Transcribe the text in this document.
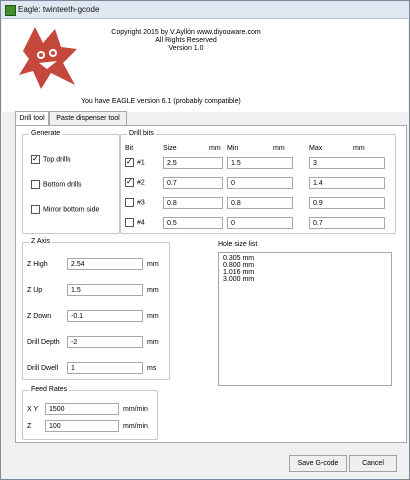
Eagle: twinteeth-gcode
Copyright 2015 by V.Ayllón www.diyouware.com
All Rights Reserved
Version 1.0
You have EAGLE version 6.1 (probably compatible)
Drill tool	Paste dispenser tool
Generate
✓Top drills
Bottom drills
Mirror bottom side
Drill bits
Bit	Size	mm Min	mm	Max	mm
✓#1	2.5	1.5	3
✓#2	0.7	0	1.4
#3	0.8	0.8	0.9
#4	0.5	0	0.7
Z Axis
Z High	2.54	mm
Z Up	1.5	mm
Z Down	-0.1	mm
Drill Depth	-2	mm
Drill Dwell	1	ms
Hole size list
0.305 mm
0.800 mm
1.016 mm
3.000 mm
Feed Rates
X Y	1500	mm/min
Z	100	mm/min
Save G-code	Cancel
